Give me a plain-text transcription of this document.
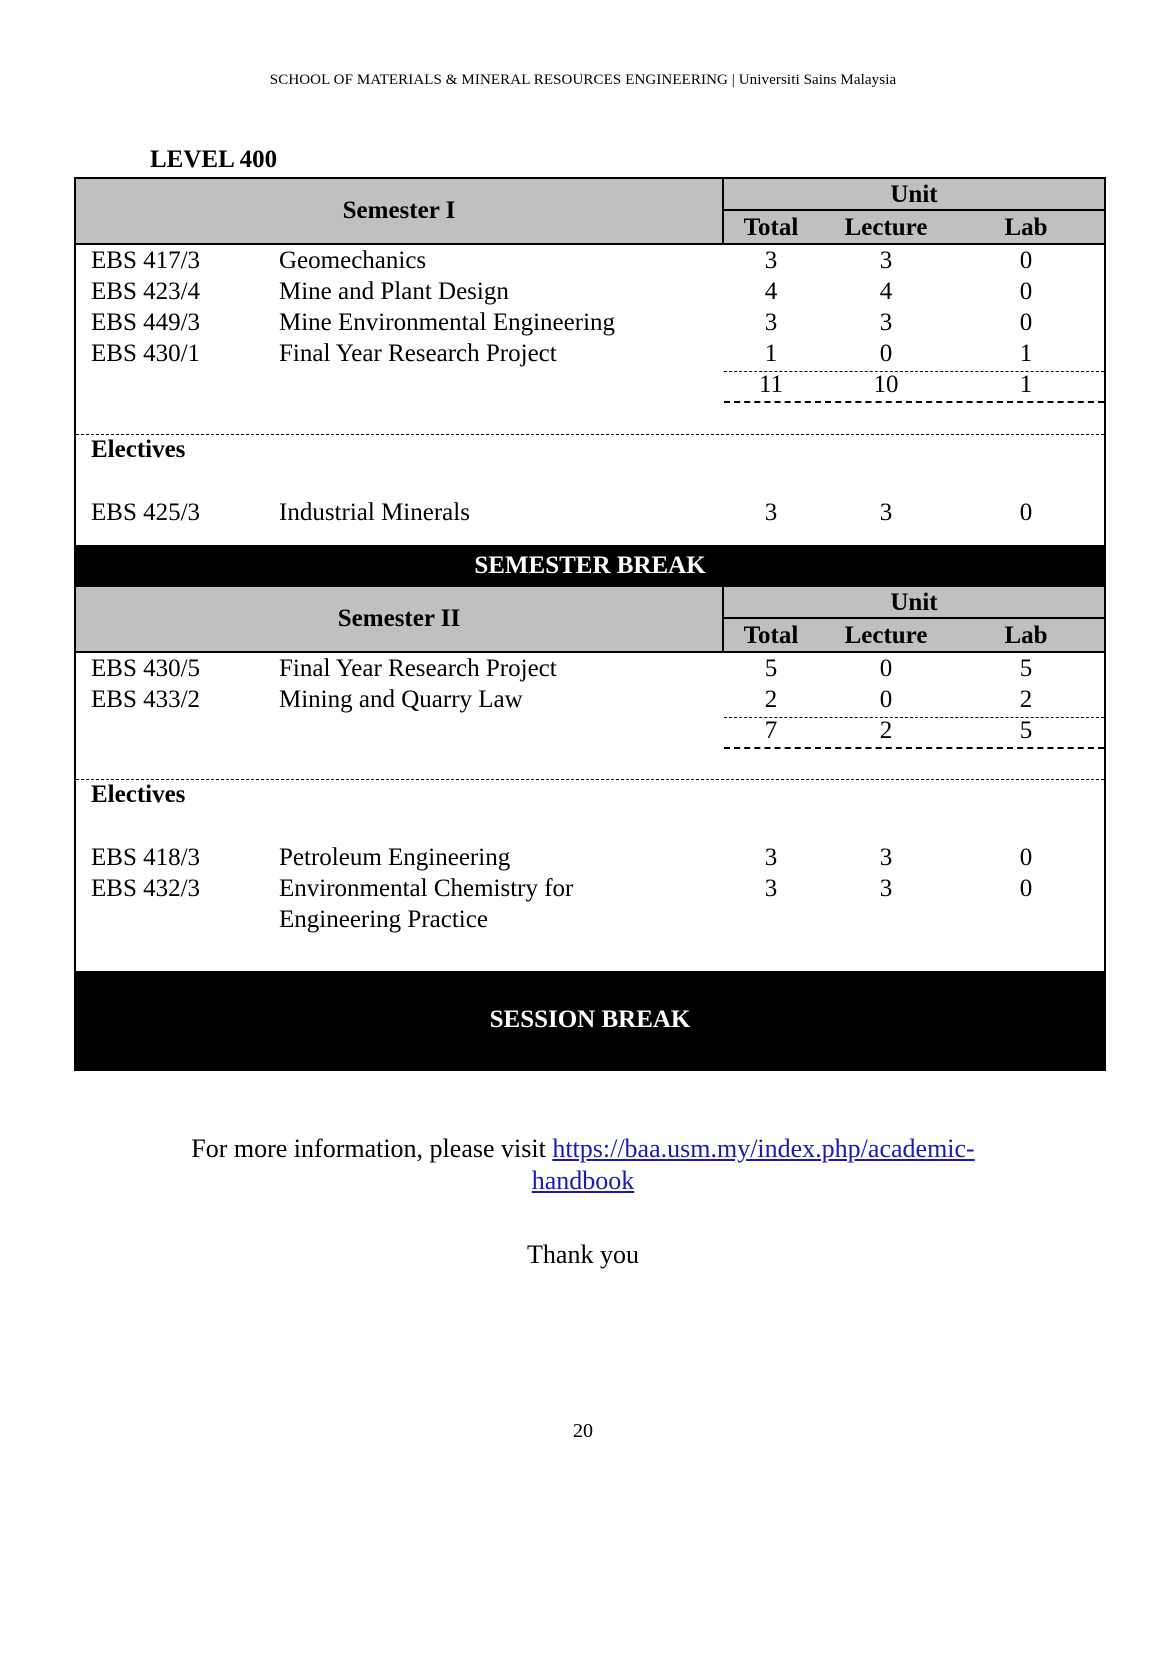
SCHOOL OF MATERIALS & MINERAL RESOURCES ENGINEERING | Universiti Sains Malaysia
LEVEL 400
Semester I
Unit
Total	Lecture	Lab
EBS 417/3	Geomechanics	3	3	0
EBS 423/4	Mine and Plant Design	4	4	0
EBS 449/3	Mine Environmental Engineering	3	3	0
EBS 430/1	Final Year Research Project	1	0	1
11	10	1
Electives
EBS 425/3	Industrial Minerals	3	3	0
SEMESTER BREAK
Semester II
Unit
Total	Lecture	Lab
EBS 430/5	Final Year Research Project	5	0	5
EBS 433/2	Mining and Quarry Law	2	0	2
7	2	5
Electives
EBS 418/3	Petroleum Engineering	3	3	0
EBS 432/3	Environmental Chemistry for	3	3	0
Engineering Practice
SESSION BREAK
For more information, please visit https://baa.usm.my/index.php/academic-
handbook
Thank you
20
